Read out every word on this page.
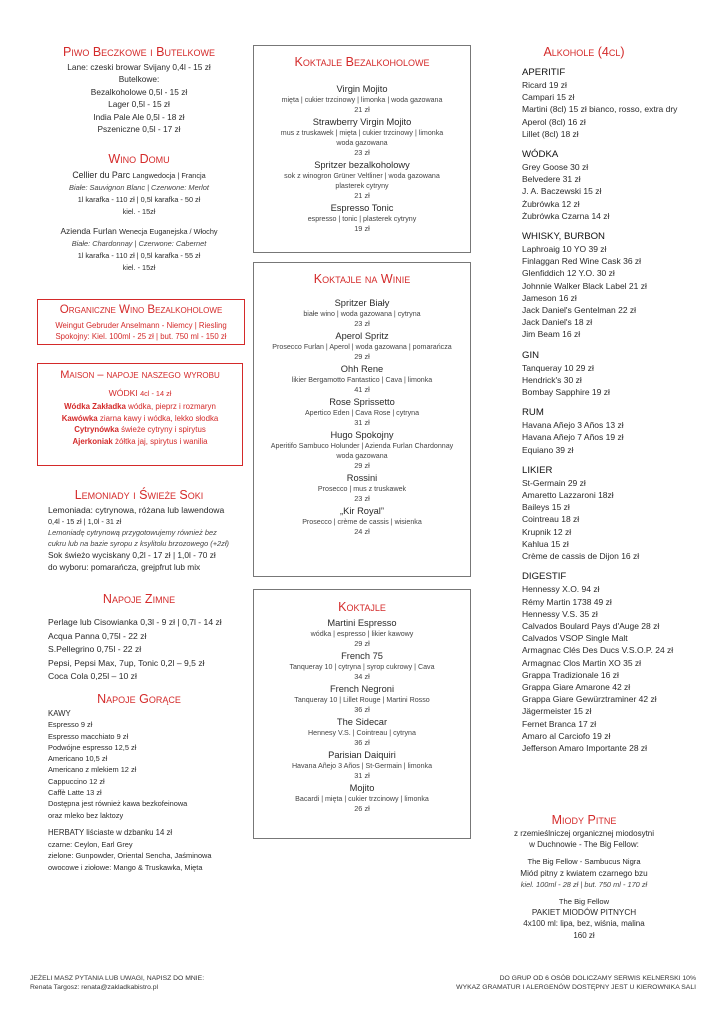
Piwo Beczkowe i Butelkowe
Lane: czeski browar Svijany 0,4l - 15 zł
Butelkowe:
Bezalkoholowe 0,5l - 15 zł
Lager 0,5l - 15 zł
India Pale Ale 0,5l - 18 zł
Pszeniczne 0,5l - 17 zł
Wino Domu
Cellier du Parc Langwedocja | Francja
Białe: Sauvignon Blanc | Czerwone: Merlot
1l karafka - 110 zł | 0,5l karafka - 50 zł
kiel. - 15zł
Azienda Furlan Wenecja Euganejska / Włochy
Białe: Chardonnay | Czerwone: Cabernet
1l karafka - 110 zł | 0,5l karafka - 55 zł
kiel. - 15zł
Organiczne Wino Bezalkoholowe
Weingut Gebruder Anselmann - Niemcy | Riesling
Spokojny: Kiel. 100ml - 25 zł | but. 750 ml - 150 zł
Maison – napoje naszego wyrobu
WÓDKI 4cl - 14 zł
Wódka Zakładka wódka, pieprz i rozmaryn
Kawówka ziarna kawy i wódka, lekko słodka
Cytrynówka świeże cytryny i spirytus
Ajerkoniak żółtka jaj, spirytus i wanilia
Lemoniady i Świeże Soki
Lemoniada: cytrynowa, różana lub lawendowa
0,4l - 15 zł | 1,0l - 31 zł
Lemoniadę cytrynową przygotowujemy również bez
cukru lub na bazie syropu z ksylitolu brzozowego (+2zł)
Sok świeżo wyciskany 0,2l - 17 zł | 1,0l - 70 zł
do wyboru: pomarańcza, grejpfrut lub mix
Napoje Zimne
Perlage lub Cisowianka 0,3l - 9 zł | 0,7l - 14 zł
Acqua Panna 0,75l - 22 zł
S.Pellegrino 0,75l - 22 zł
Pepsi, Pepsi Max, 7up, Tonic 0,2l – 9,5 zł
Coca Cola 0,25l – 10 zł
Napoje Gorące
KAWY
Espresso 9 zł
Espresso macchiato 9 zł
Podwójne espresso 12,5 zł
Americano 10,5 zł
Americano z mlekiem 12 zł
Cappuccino 12 zł
Caffè Latte 13 zł
Dostępna jest również kawa bezkofeinowa
oraz mleko bez laktozy
HERBATY liściaste w dzbanku 14 zł
czarne: Ceylon, Earl Grey
zielone: Gunpowder, Oriental Sencha, Jaśminowa
owocowe i ziołowe: Mango & Truskawka, Mięta
Koktajle Bezalkoholowe
Virgin Mojito
mięta | cukier trzcinowy | limonka | woda gazowana
21 zł
Strawberry Virgin Mojito
mus z truskawek | mięta | cukier trzcinowy | limonka
woda gazowana
23 zł
Spritzer bezalkoholowy
sok z winogron Grüner Veltliner | woda gazowana
plasterek cytryny
21 zł
Espresso Tonic
espresso | tonic | plasterek cytryny
19 zł
Koktajle na Winie
Spritzer Biały
białe wino | woda gazowana | cytryna
23 zł
Aperol Spritz
Prosecco Furlan | Aperol | woda gazowana | pomarańcza
29 zł
Ohh Rene
likier Bergamotto Fantastico | Cava | limonka
41 zł
Rose Sprissetto
Apertico Eden | Cava Rose | cytryna
31 zł
Hugo Spokojny
Aperitifo Sambuco Holunder | Azienda Furlan Chardonnay
woda gazowana
29 zł
Rossini
Prosecco | mus z truskawek
23 zł
„Kir Royal”
Prosecco | crème de cassis | wisienka
24 zł
Koktajle
Martini Espresso
wódka | espresso | likier kawowy
29 zł
French 75
Tanqueray 10 | cytryna | syrop cukrowy | Cava
34 zł
French Negroni
Tanqueray 10 | Lillet Rouge | Martini Rosso
36 zł
The Sidecar
Hennesy V.S. | Cointreau | cytryna
36 zł
Parisian Daiquiri
Havana Añejo 3 Años | St-Germain | limonka
31 zł
Mojito
Bacardi | mięta | cukier trzcinowy | limonka
26 zł
Alkohole (4cl)
APERITIF
Ricard 19 zł
Campari 15 zł
Martini (8cl) 15 zł bianco, rosso, extra dry
Aperol (8cl) 16 zł
Lillet (8cl) 18 zł
WÓDKA
Grey Goose 30 zł
Belvedere 31 zł
J. A. Baczewski 15 zł
Żubrówka 12 zł
Żubrówka Czarna 14 zł
WHISKY, BURBON
Laphroaig 10 YO 39 zł
Finlaggan Red Wine Cask 36 zł
Glenfiddich 12 Y.O. 30 zł
Johnnie Walker Black Label 21 zł
Jameson 16 zł
Jack Daniel's Gentelman 22 zł
Jack Daniel's 18 zł
Jim Beam 16 zł
GIN
Tanqueray 10 29 zł
Hendrick's 30 zł
Bombay Sapphire 19 zł
RUM
Havana Añejo 3 Años 13 zł
Havana Añejo 7 Años 19 zł
Equiano 39 zł
LIKIER
St-Germain 29 zł
Amaretto Lazzaroni 18zł
Baileys 15 zł
Cointreau 18 zł
Krupnik 12 zł
Kahlua 15 zł
Crème de cassis de Dijon 16 zł
DIGESTIF
Hennessy X.O. 94 zł
Rémy Martin 1738 49 zł
Hennessy V.S. 35 zł
Calvados Boulard Pays d'Auge 28 zł
Calvados VSOP Single Malt
Armagnac Clés Des Ducs V.S.O.P. 24 zł
Armagnac Clos Martin XO 35 zł
Grappa Tradizionale 16 zł
Grappa Giare Amarone 42 zł
Grappa Giare Gewürztraminer 42 zł
Jägermeister 15 zł
Fernet Branca 17 zł
Amaro al Carciofo 19 zł
Jefferson Amaro Importante 28 zł
Miody Pitne
z rzemieślniczej organicznej miodosytni
w Duchnowie - The Big Fellow:
The Big Fellow - Sambucus Nigra
Miód pitny z kwiatem czarnego bzu
kiel. 100ml - 28 zł | but. 750 ml - 170 zł
The Big Fellow
PAKIET MIODÓW PITNYCH
4x100 ml: lipa, bez, wiśnia, malina
160 zł
JEŻELI MASZ PYTANIA LUB UWAGI, NAPISZ DO MNIE:
Renata Targosz: renata@zakladkabistro.pl
DO GRUP OD 6 OSÓB DOLICZAMY SERWIS KELNERSKI 10%
WYKAZ GRAMATUR I ALERGENÓW DOSTĘPNY JEST U KIEROWNIKA SALI
